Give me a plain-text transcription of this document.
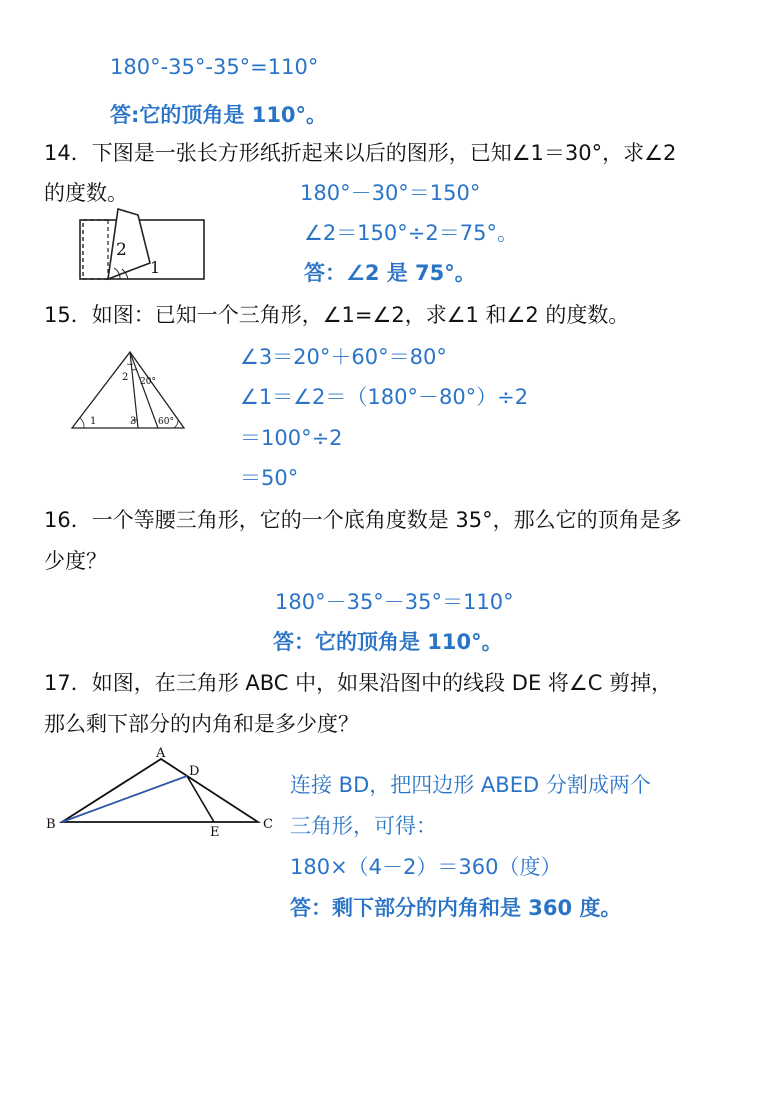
180°-35°-35°=110°
答:它的顶角是 110°。
14．下图是一张长方形纸折起来以后的图形，已知∠1＝30°，求∠2
的度数。	180°－30°＝150°
∠2＝150°÷2＝75°。
答：∠2 是 75°。
2
1
15．如图：已知一个三角形，∠1=∠2，求∠1 和∠2 的度数。
∠3＝20°＋60°＝80°
∠1＝∠2＝（180°－80°）÷2
＝100°÷2
＝50°
1
2
3
20°
60°
16．一个等腰三角形，它的一个底角度数是 35°，那么它的顶角是多
少度？
180°－35°－35°＝110°
答：它的顶角是 110°。
17．如图，在三角形 ABC 中，如果沿图中的线段 DE 将∠C 剪掉，
那么剩下部分的内角和是多少度？
连接 BD，把四边形 ABED 分割成两个
三角形，可得：
180×（4－2）＝360（度）
答：剩下部分的内角和是 360 度。
A
D
B
E
C
